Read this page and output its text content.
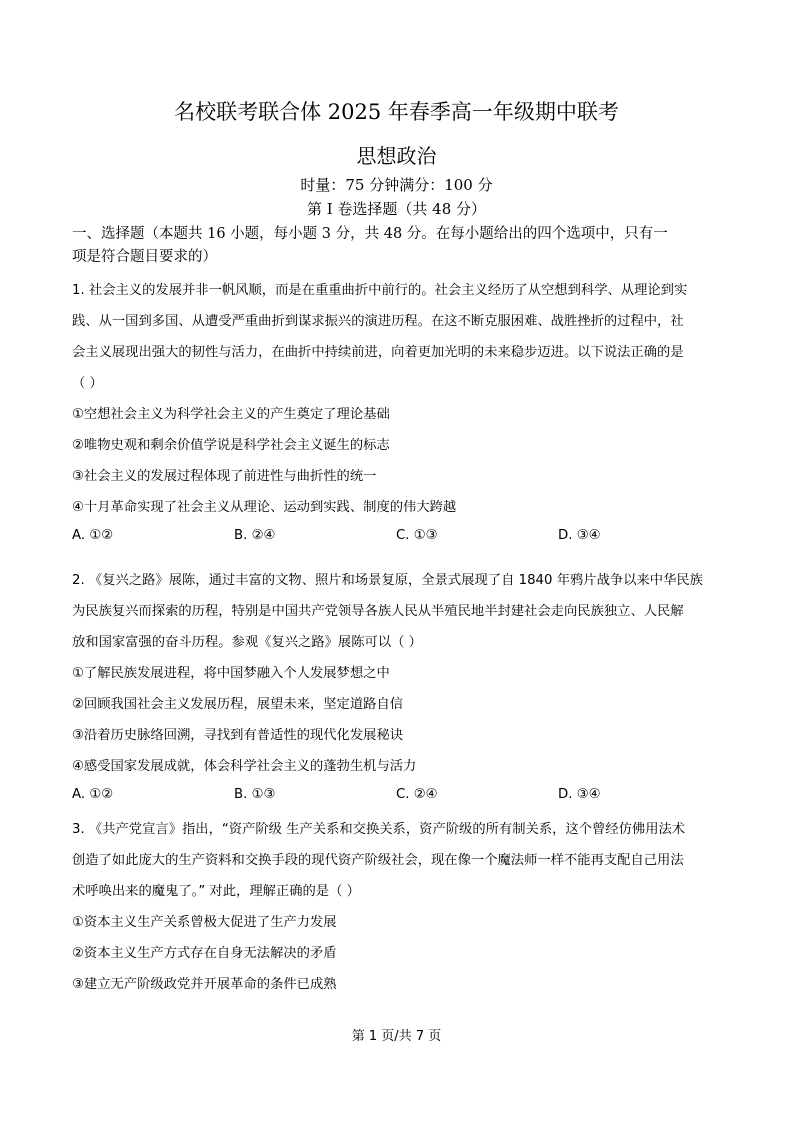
名校联考联合体 2025 年春季高一年级期中联考
思想政治
时量：75 分钟满分：100 分
第 I 卷选择题（共 48 分）
一、选择题（本题共 16 小题，每小题 3 分，共 48 分。在每小题给出的四个选项中，只有一
项是符合题目要求的）
1. 社会主义的发展并非一帆风顺，而是在重重曲折中前行的。社会主义经历了从空想到科学、从理论到实
践、从一国到多国、从遭受严重曲折到谋求振兴的演进历程。在这不断克服困难、战胜挫折的过程中，社
会主义展现出强大的韧性与活力，在曲折中持续前进，向着更加光明的未来稳步迈进。以下说法正确的是
（ ）
①空想社会主义为科学社会主义的产生奠定了理论基础
②唯物史观和剩余价值学说是科学社会主义诞生的标志
③社会主义的发展过程体现了前进性与曲折性的统一
④十月革命实现了社会主义从理论、运动到实践、制度的伟大跨越
A. ①②	B. ②④	C. ①③	D. ③④
2. 《复兴之路》展陈，通过丰富的文物、照片和场景复原，全景式展现了自 1840 年鸦片战争以来中华民族
为民族复兴而探索的历程，特别是中国共产党领导各族人民从半殖民地半封建社会走向民族独立、人民解
放和国家富强的奋斗历程。参观《复兴之路》展陈可以（ ）
①了解民族发展进程，将中国梦融入个人发展梦想之中
②回顾我国社会主义发展历程，展望未来，坚定道路自信
③沿着历史脉络回溯，寻找到有普适性的现代化发展秘诀
④感受国家发展成就，体会科学社会主义的蓬勃生机与活力
A. ①②	B. ①③	C. ②④	D. ③④
3. 《共产党宣言》指出，“资产阶级 生产关系和交换关系，资产阶级的所有制关系，这个曾经仿佛用法术
创造了如此庞大的生产资料和交换手段的现代资产阶级社会，现在像一个魔法师一样不能再支配自己用法
术呼唤出来的魔鬼了。” 对此，理解正确的是（ ）
①资本主义生产关系曾极大促进了生产力发展
②资本主义生产方式存在自身无法解决的矛盾
③建立无产阶级政党并开展革命的条件已成熟
第 1 页/共 7 页
